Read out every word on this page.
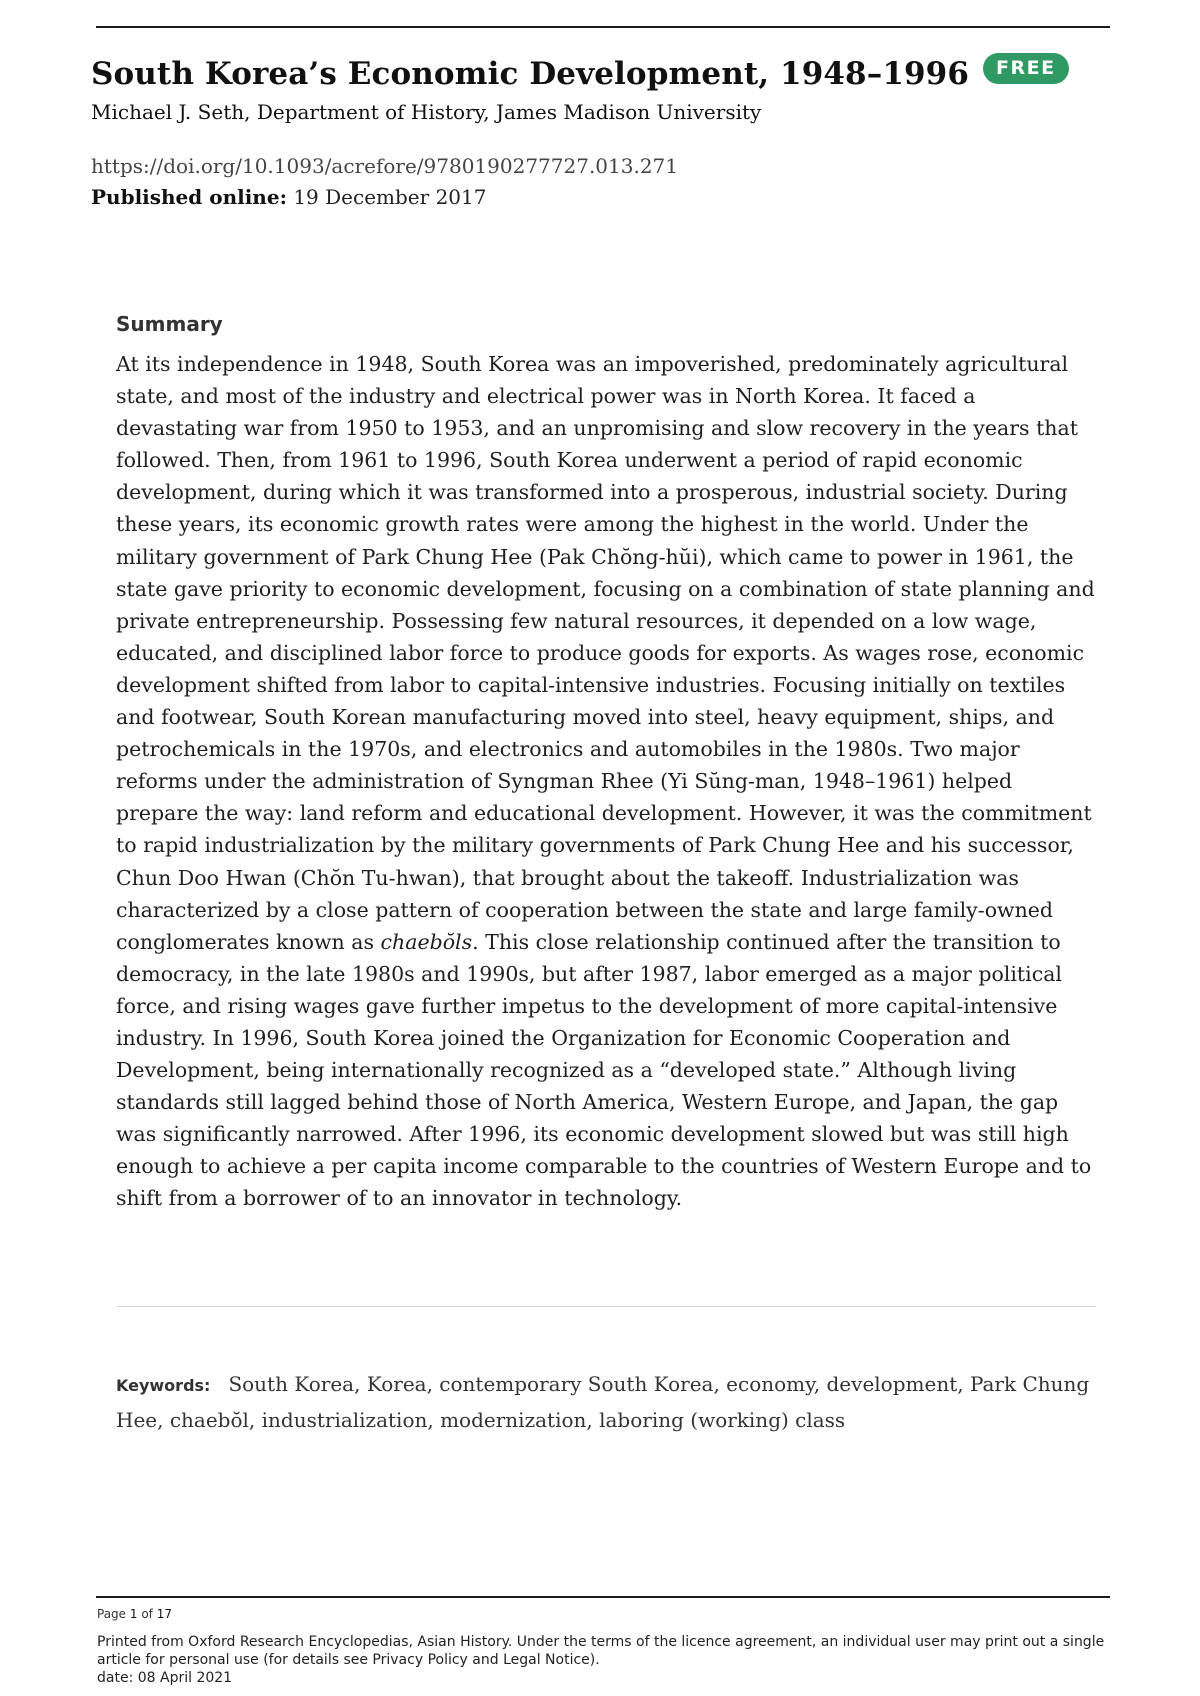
South Korea’s Economic Development, 1948–1996	FREE
Michael J. Seth, Department of History, James Madison University
https://doi.org/10.1093/acrefore/9780190277727.013.271
Published online: 19 December 2017
Summary

At its independence in 1948, South Korea was an impoverished, predominately agricultural state, and most of the industry and electrical power was in North Korea. It faced a devastating war from 1950 to 1953, and an unpromising and slow recovery in the years that followed. Then, from 1961 to 1996, South Korea underwent a period of rapid economic development, during which it was transformed into a prosperous, industrial society. During these years, its economic growth rates were among the highest in the world. Under the military government of Park Chung Hee (Pak Chŏng-hŭi), which came to power in 1961, the state gave priority to economic development, focusing on a combination of state planning and private entrepreneurship. Possessing few natural resources, it depended on a low wage, educated, and disciplined labor force to produce goods for exports. As wages rose, economic development shifted from labor to capital-intensive industries. Focusing initially on textiles and footwear, South Korean manufacturing moved into steel, heavy equipment, ships, and petrochemicals in the 1970s, and electronics and automobiles in the 1980s. Two major reforms under the administration of Syngman Rhee (Yi Sŭng-man, 1948–1961) helped prepare the way: land reform and educational development. However, it was the commitment to rapid industrialization by the military governments of Park Chung Hee and his successor, Chun Doo Hwan (Chŏn Tu-hwan), that brought about the takeoff. Industrialization was characterized by a close pattern of cooperation between the state and large family-owned conglomerates known as chaebŏls. This close relationship continued after the transition to democracy, in the late 1980s and 1990s, but after 1987, labor emerged as a major political force, and rising wages gave further impetus to the development of more capital-intensive industry. In 1996, South Korea joined the Organization for Economic Cooperation and Development, being internationally recognized as a “developed state.” Although living standards still lagged behind those of North America, Western Europe, and Japan, the gap was significantly narrowed. After 1996, its economic development slowed but was still high enough to achieve a per capita income comparable to the countries of Western Europe and to shift from a borrower of to an innovator in technology.

Keywords: South Korea, Korea, contemporary South Korea, economy, development, Park Chung Hee, chaebŏl, industrialization, modernization, laboring (working) class
Page 1 of 17
Printed from Oxford Research Encyclopedias, Asian History. Under the terms of the licence agreement, an individual user may print out a single article for personal use (for details see Privacy Policy and Legal Notice).
date: 08 April 2021
